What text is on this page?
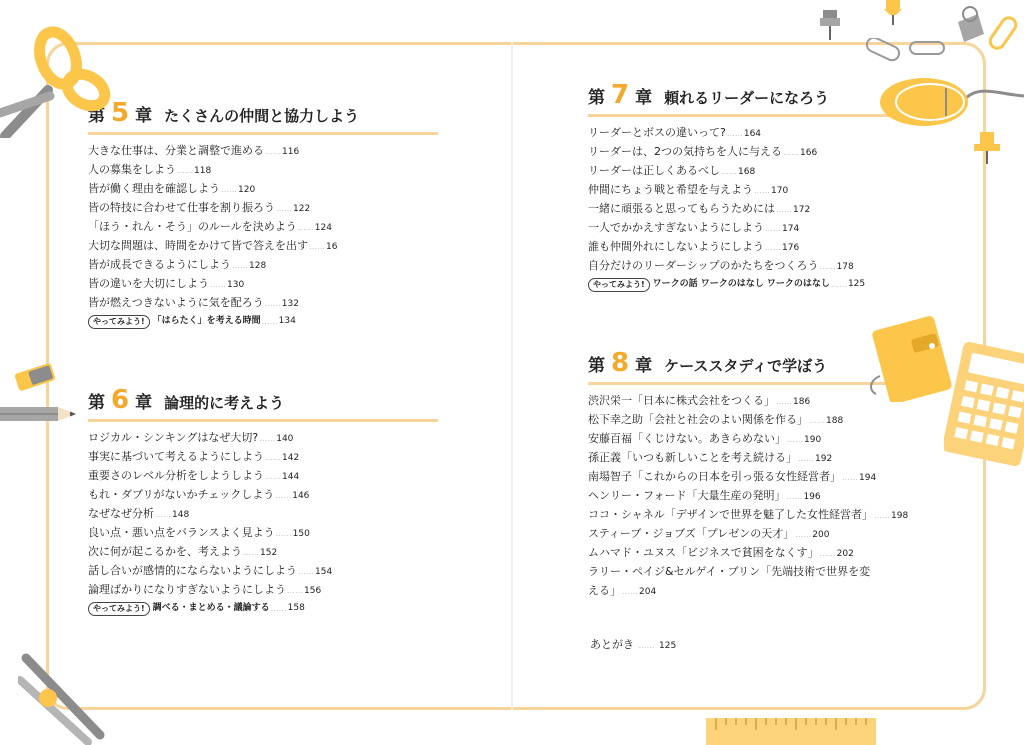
第 5 章 たくさんの仲間と協力しよう
大きな仕事は、分業と調整で進める……116
人の募集をしよう……118
皆が働く理由を確認しよう……120
皆の特技に合わせて仕事を割り振ろう……122
「ほう・れん・そう」のルールを決めよう……124
大切な問題は、時間をかけて皆で答えを出す……16
皆が成長できるようにしよう……128
皆の違いを大切にしよう……130
皆が燃えつきないように気を配ろう……132
やってみよう! 「はらたく」を考える時間 …… 134
第 6 章 論理的に考えよう
ロジカル・シンキングはなぜ大切?……140
事実に基づいて考えるようにしよう……142
重要さのレベル分析をしようしよう……144
もれ・ダブリがないかチェックしよう……146
なぜなぜ分析……148
良い点・悪い点をバランスよく見よう……150
次に何が起こるかを、考えよう……152
話し合いが感情的にならないようにしよう……154
論理ばかりになりすぎないようにしよう……156
やってみよう! 調べる・まとめる・議論する …… 158
第 7 章 頼れるリーダーになろう
リーダーとボスの違いって?……164
リーダーは、2つの気持ちを人に与える……166
リーダーは正しくあるべし……168
仲間にちょう戦と希望を与えよう……170
一緒に頑張ると思ってもらうためには……172
一人でかかえすぎないようにしよう……174
誰も仲間外れにしないようにしよう……176
自分だけのリーダーシップのかたちをつくろう……178
やってみよう! ワークの話 ワークのはなし ワークのはなし …… 125
第 8 章 ケーススタディで学ぼう
渋沢栄一「日本に株式会社をつくる」……186
松下幸之助「会社と社会のよい関係を作る」……188
安藤百福「くじけない。あきらめない」……190
孫正義「いつも新しいことを考え続ける」……192
南場智子「これからの日本を引っ張る女性経営者」……194
ヘンリー・フォード「大量生産の発明」……196
ココ・シャネル「デザインで世界を魅了した女性経営者」……198
スティーブ・ジョブズ「プレゼンの天才」……200
ムハマド・ユヌス「ビジネスで貧困をなくす」……202
ラリー・ペイジ&セルゲイ・ブリン「先端技術で世界を変
える」……204
あとがき …… 125
